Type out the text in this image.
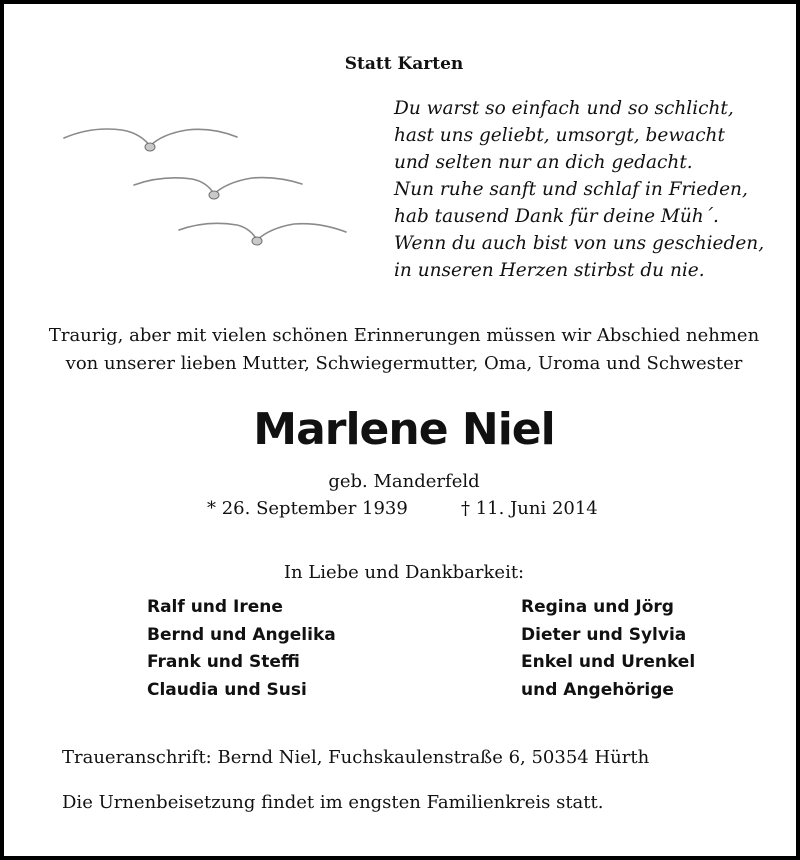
Statt Karten
Du warst so einfach und so schlicht,
hast uns geliebt, umsorgt, bewacht
und selten nur an dich gedacht.
Nun ruhe sanft und schlaf in Frieden,
hab tausend Dank für deine Müh´.
Wenn du auch bist von uns geschieden,
in unseren Herzen stirbst du nie.
Traurig, aber mit vielen schönen Erinnerungen müssen wir Abschied nehmen
von unserer lieben Mutter, Schwiegermutter, Oma, Uroma und Schwester
Marlene Niel
geb. Manderfeld
* 26. September 1939	† 11. Juni 2014
In Liebe und Dankbarkeit:
Ralf und Irene
Bernd und Angelika
Frank und Steffi
Claudia und Susi
Regina und Jörg
Dieter und Sylvia
Enkel und Urenkel
und Angehörige
Traueranschrift: Bernd Niel, Fuchskaulenstraße 6, 50354 Hürth
Die Urnenbeisetzung findet im engsten Familienkreis statt.
